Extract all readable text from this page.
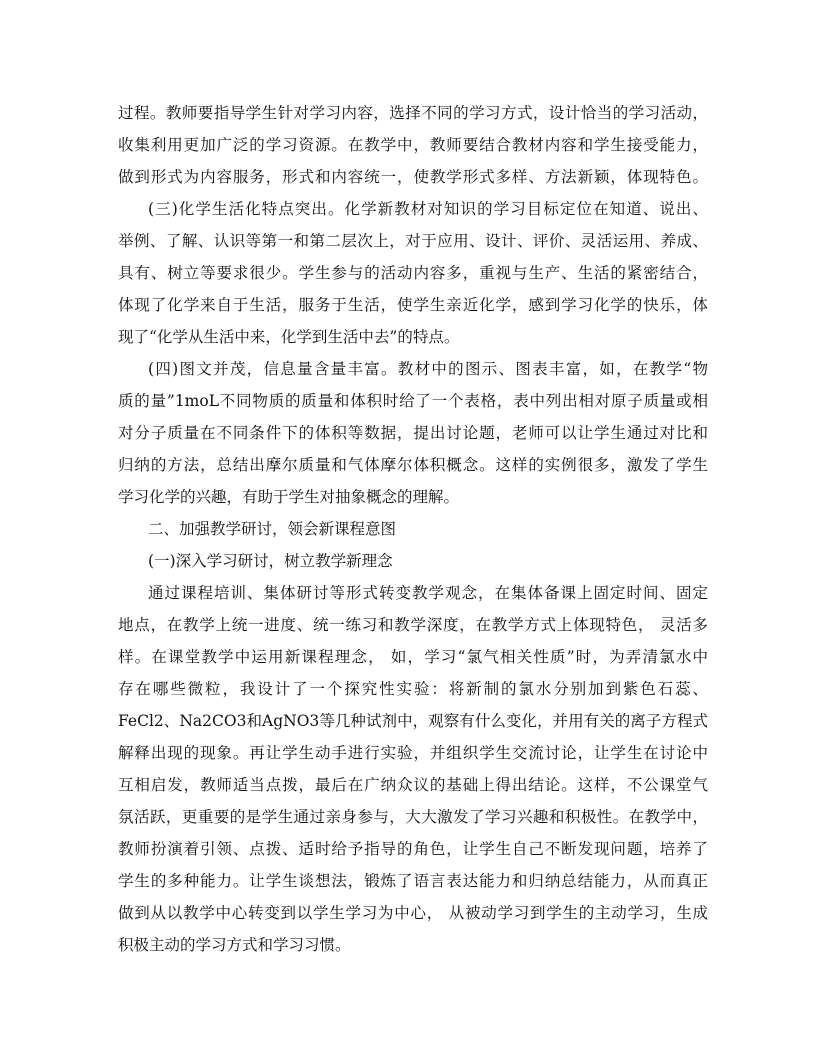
过程。教师要指导学生针对学习内容，选择不同的学习方式，设计恰当的学习活动，
收集利用更加广泛的学习资源。在教学中，教师要结合教材内容和学生接受能力，
做到形式为内容服务，形式和内容统一，使教学形式多样、方法新颖，体现特色。
(三)化学生活化特点突出。化学新教材对知识的学习目标定位在知道、说出、
举例、了解、认识等第一和第二层次上，对于应用、设计、评价、灵活运用、养成、
具有、树立等要求很少。学生参与的活动内容多，重视与生产、生活的紧密结合，
体现了化学来自于生活，服务于生活，使学生亲近化学，感到学习化学的快乐，体
现了“化学从生活中来，化学到生活中去”的特点。
(四)图文并茂，信息量含量丰富。教材中的图示、图表丰富，如，在教学“物
质的量”1moL不同物质的质量和体积时给了一个表格，表中列出相对原子质量或相
对分子质量在不同条件下的体积等数据，提出讨论题，老师可以让学生通过对比和
归纳的方法，总结出摩尔质量和气体摩尔体积概念。这样的实例很多，激发了学生
学习化学的兴趣，有助于学生对抽象概念的理解。
二、加强教学研讨，领会新课程意图
(一)深入学习研讨，树立教学新理念
通过课程培训、集体研讨等形式转变教学观念，在集体备课上固定时间、固定
地点，在教学上统一进度、统一练习和教学深度，在教学方式上体现特色， 灵活多
样。在课堂教学中运用新课程理念， 如，学习“氯气相关性质”时，为弄清氯水中
存在哪些微粒，我设计了一个探究性实验：将新制的氯水分别加到紫色石蕊、
FeCl2、Na2CO3和AgNO3等几种试剂中，观察有什么变化，并用有关的离子方程式
解释出现的现象。再让学生动手进行实验，并组织学生交流讨论，让学生在讨论中
互相启发，教师适当点拨，最后在广纳众议的基础上得出结论。这样，不公课堂气
氛活跃，更重要的是学生通过亲身参与，大大激发了学习兴趣和积极性。在教学中，
教师扮演着引领、点拨、适时给予指导的角色，让学生自己不断发现问题，培养了
学生的多种能力。让学生谈想法，锻炼了语言表达能力和归纳总结能力，从而真正
做到从以教学中心转变到以学生学习为中心， 从被动学习到学生的主动学习，生成
积极主动的学习方式和学习习惯。
